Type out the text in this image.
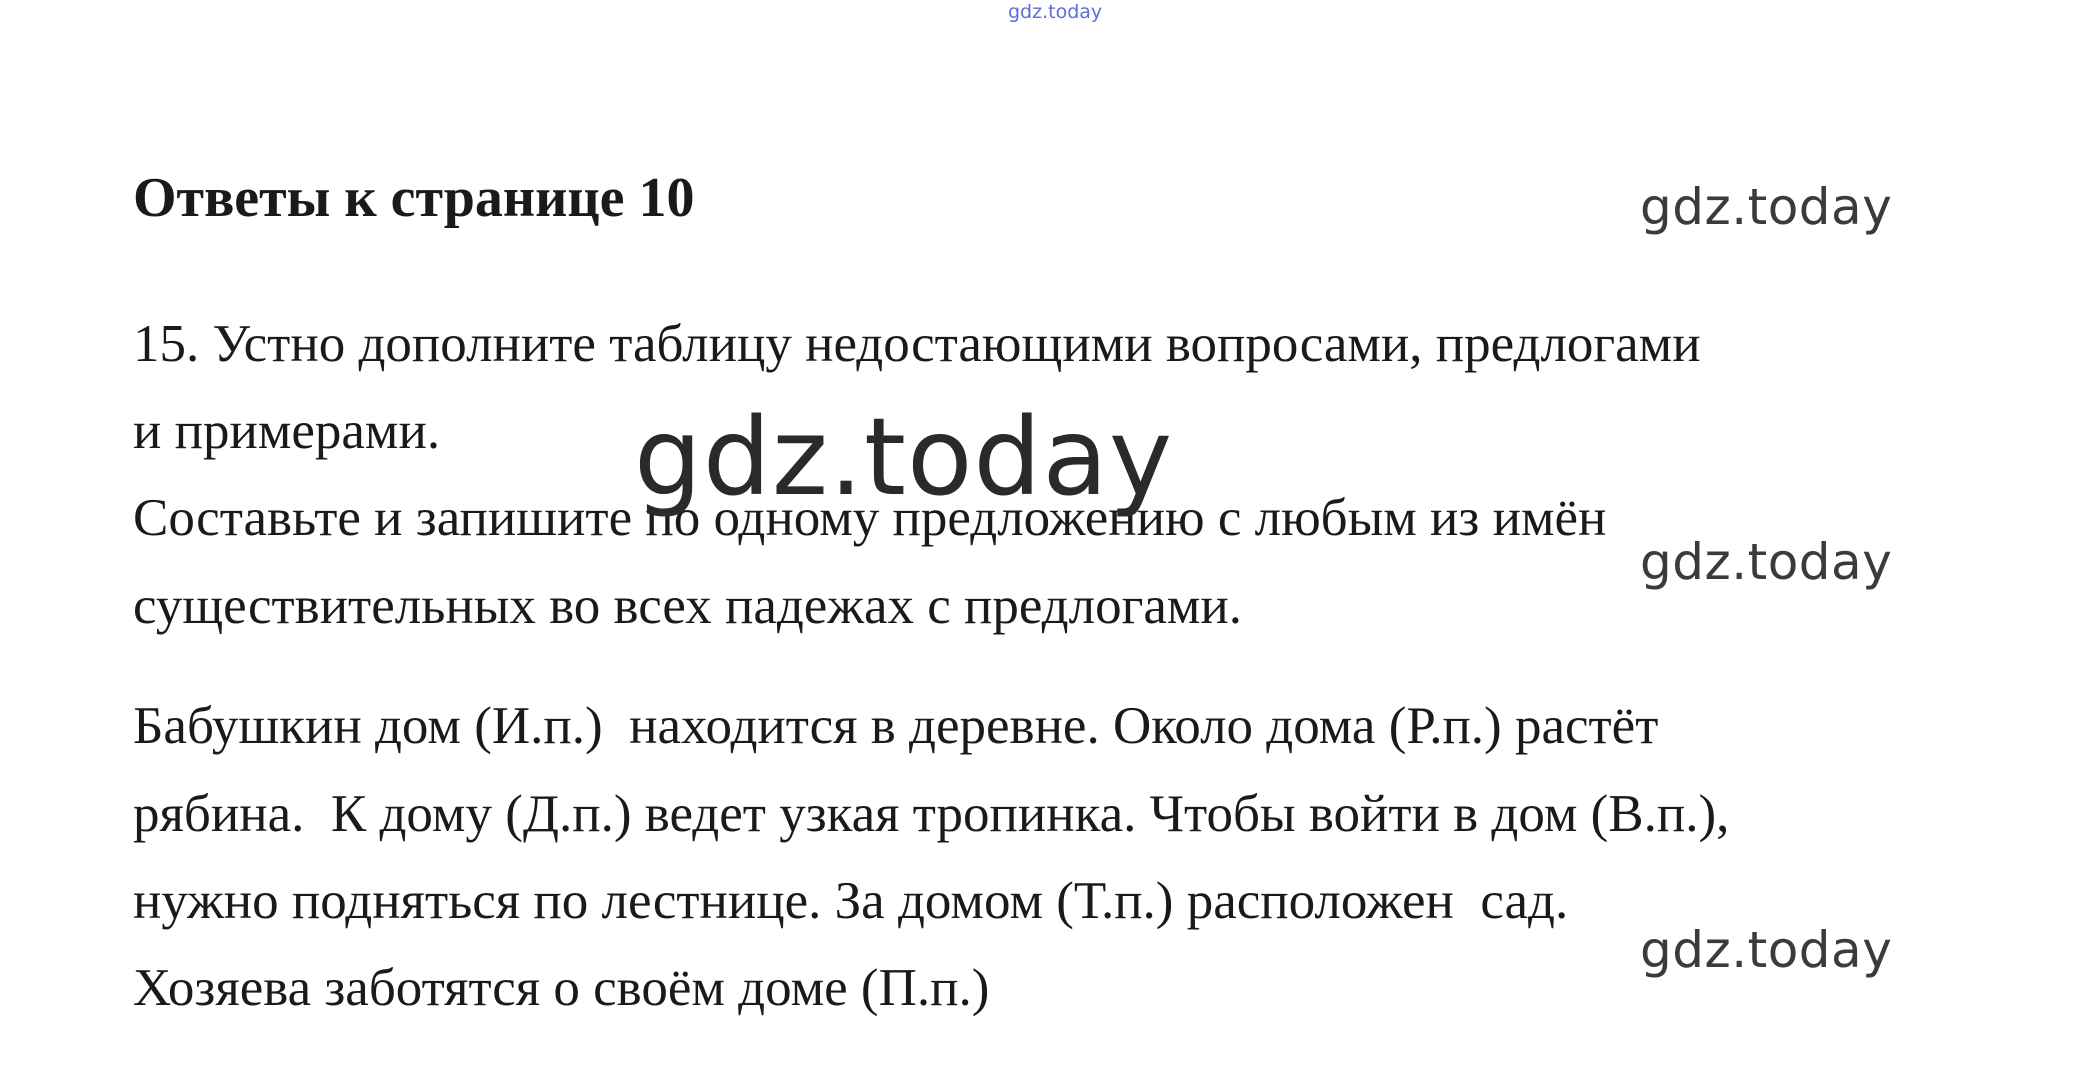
gdz.today
Ответы к странице 10	gdz.today
15. Устно дополните таблицу недостающими вопросами, предлогами
и примерами.
Составьте и запишите по одному предложению с любым из имён
gdz.today
существительных во всех падежах с предлогами.
gdz.today
Бабушкин дом (И.п.)  находится в деревне. Около дома (Р.п.) растёт
рябина.  К дому (Д.п.) ведет узкая тропинка. Чтобы войти в дом (В.п.),
нужно подняться по лестнице. За домом (Т.п.) расположен  сад.
gdz.today
Хозяева заботятся о своём доме (П.п.)
